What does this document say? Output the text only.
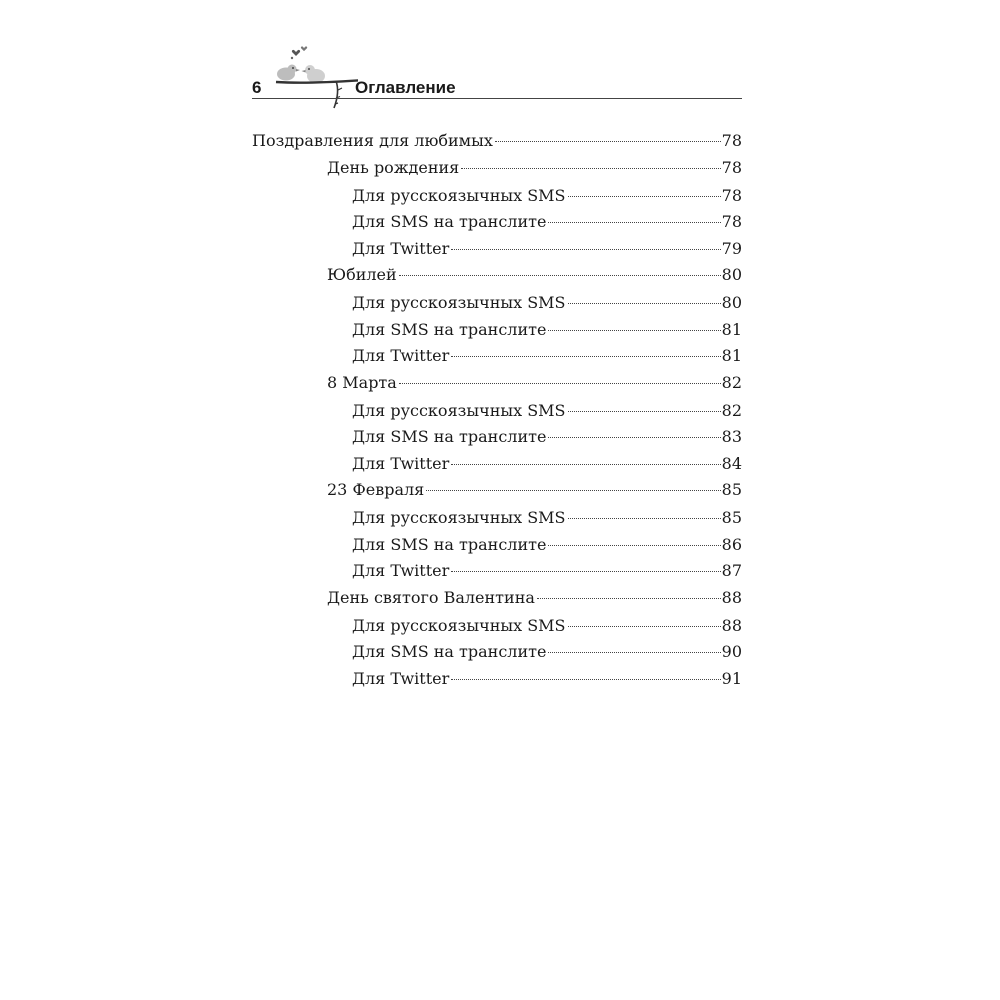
6	Оглавление
Поздравления для любимых	78
День рождения	78
Для русскоязычных SMS	78
Для SMS на транслите	78
Для Twitter	79
Юбилей	80
Для русскоязычных SMS	80
Для SMS на транслите	81
Для Twitter	81
8 Марта	82
Для русскоязычных SMS	82
Для SMS на транслите	83
Для Twitter	84
23 Февраля	85
Для русскоязычных SMS	85
Для SMS на транслите	86
Для Twitter	87
День святого Валентина	88
Для русскоязычных SMS	88
Для SMS на транслите	90
Для Twitter	91
